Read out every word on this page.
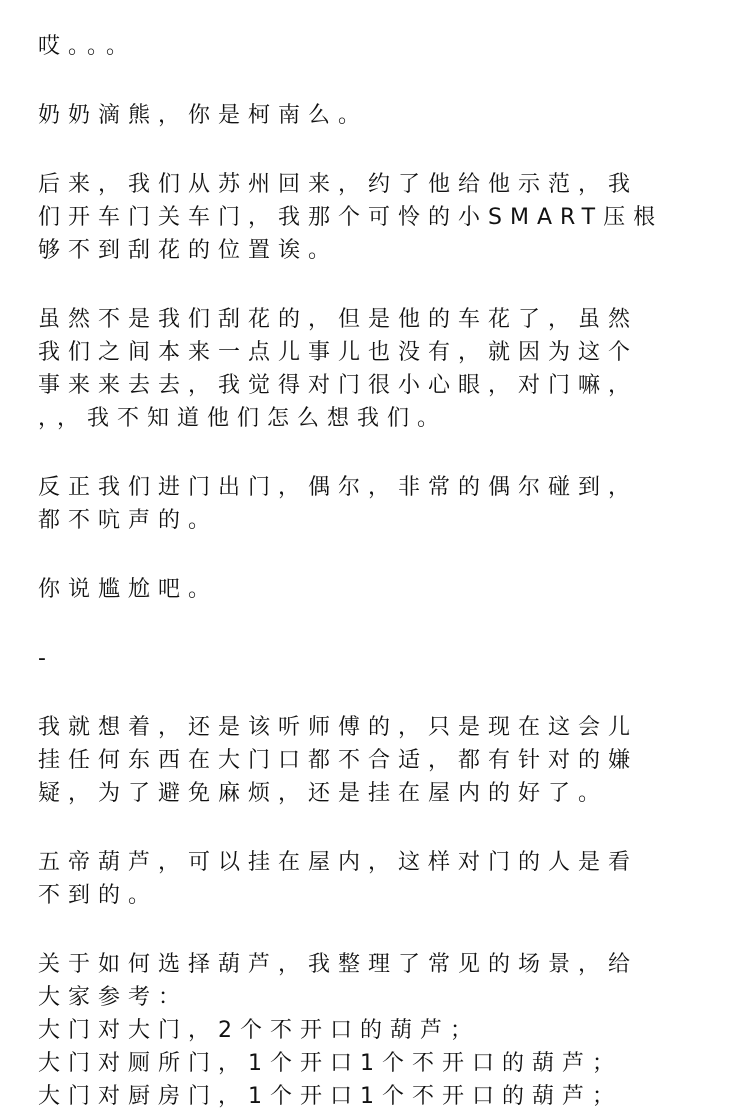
哎。。。
奶奶滴熊，你是柯南么。
后来，我们从苏州回来，约了他给他示范，我
们开车门关车门，我那个可怜的小SMART压根
够不到刮花的位置诶。
虽然不是我们刮花的，但是他的车花了，虽然
我们之间本来一点儿事儿也没有，就因为这个
事来来去去，我觉得对门很小心眼，对门嘛，
，，我不知道他们怎么想我们。
反正我们进门出门，偶尔，非常的偶尔碰到，
都不吭声的。
你说尴尬吧。
-
我就想着，还是该听师傅的，只是现在这会儿
挂任何东西在大门口都不合适，都有针对的嫌
疑，为了避免麻烦，还是挂在屋内的好了。
五帝葫芦，可以挂在屋内，这样对门的人是看
不到的。
关于如何选择葫芦，我整理了常见的场景，给
大家参考：
大门对大门，2个不开口的葫芦；
大门对厕所门，1个开口1个不开口的葫芦；
大门对厨房门，1个开口1个不开口的葫芦；
